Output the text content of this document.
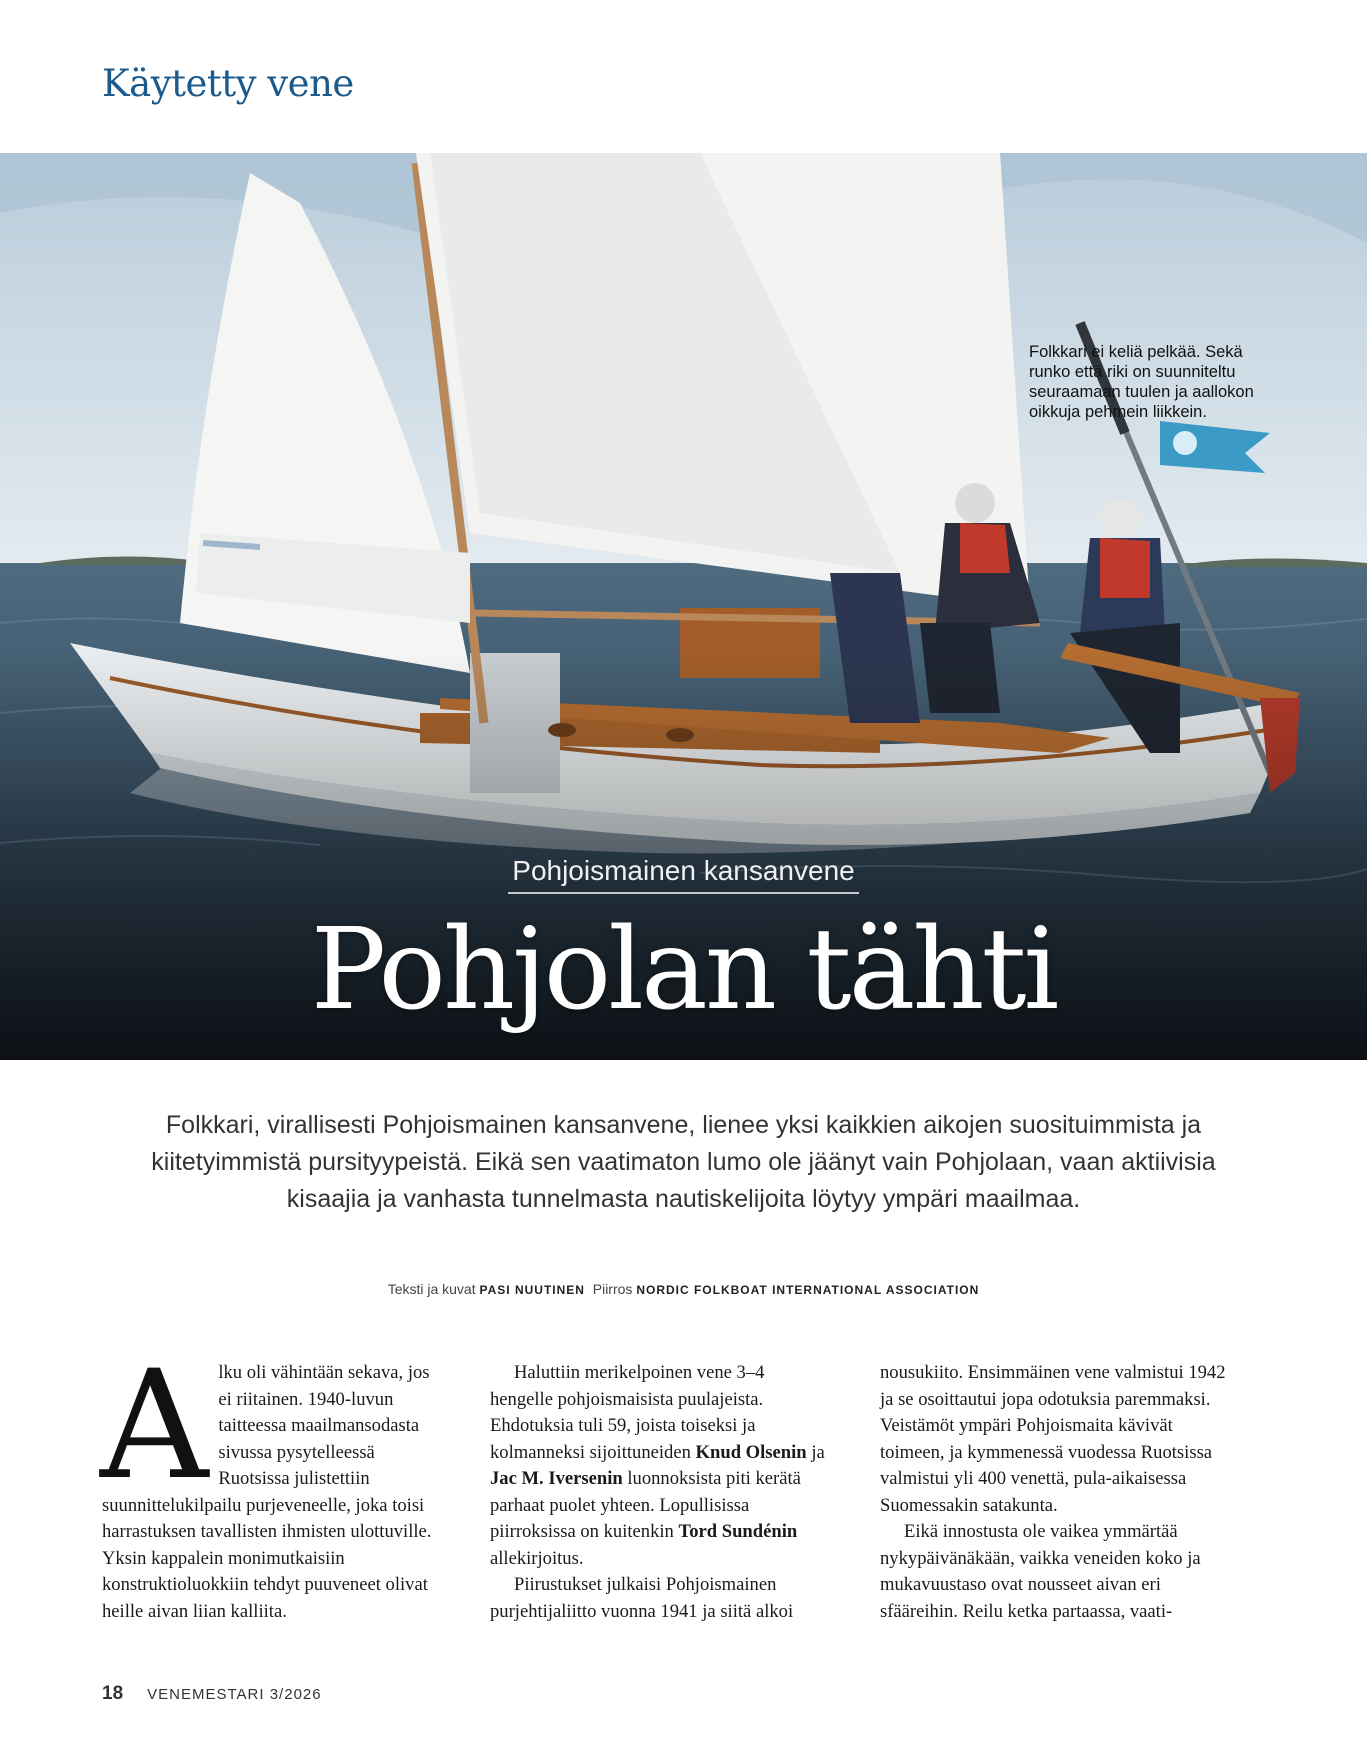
Käytetty vene
Folkkari ei keliä pelkää. Sekä runko että riki on suunniteltu seuraamaan tuulen ja aallokon oikkuja pehmein liikkein.
Pohjoismainen kansanvene
Pohjolan tähti
Folkkari, virallisesti Pohjoismainen kansanvene, lienee yksi kaikkien aikojen suosituimmista ja kiitetyimmistä pursityypeistä. Eikä sen vaatimaton lumo ole jäänyt vain Pohjolaan, vaan aktiivisia kisaajia ja vanhasta tunnelmasta nautiskelijoita löytyy ympäri maailmaa.
Teksti ja kuvat PASI NUUTINEN Piirros NORDIC FOLKBOAT INTERNATIONAL ASSOCIATION

Alku oli vähintään sekava, jos ei riitainen. 1940-luvun taitteessa maailmansodasta sivussa pysytelleessä Ruotsissa julistettiin suunnittelukilpailu purjeveneelle, joka toisi harrastuksen tavallisten ihmisten ulottuville. Yksin kappalein monimutkaisiin konstruktioluokkiin tehdyt puuveneet olivat heille aivan liian kalliita.

Haluttiin merikelpoinen vene 3–4 hengelle pohjoismaisista puulajeista. Ehdotuksia tuli 59, joista toiseksi ja kolmanneksi sijoittuneiden Knud Olsenin ja Jac M. Iversenin luonnoksista piti kerätä parhaat puolet yhteen. Lopullisissa piirroksissa on kuitenkin Tord Sundénin allekirjoitus.

Piirustukset julkaisi Pohjoismainen purjehtijaliitto vuonna 1941 ja siitä alkoi

nousukiito. Ensimmäinen vene valmistui 1942 ja se osoittautui jopa odotuksia paremmaksi. Veistämöt ympäri Pohjoismaita kävivät toimeen, ja kymmenessä vuodessa Ruotsissa valmistui yli 400 venettä, pula-aikaisessa Suomessakin satakunta.

Eikä innostusta ole vaikea ymmärtää nykypäivänäkään, vaikka veneiden koko ja mukavuustaso ovat nousseet aivan eri sfääreihin. Reilu ketka partaassa, vaati-

18 VENEMESTARI 3/2026
